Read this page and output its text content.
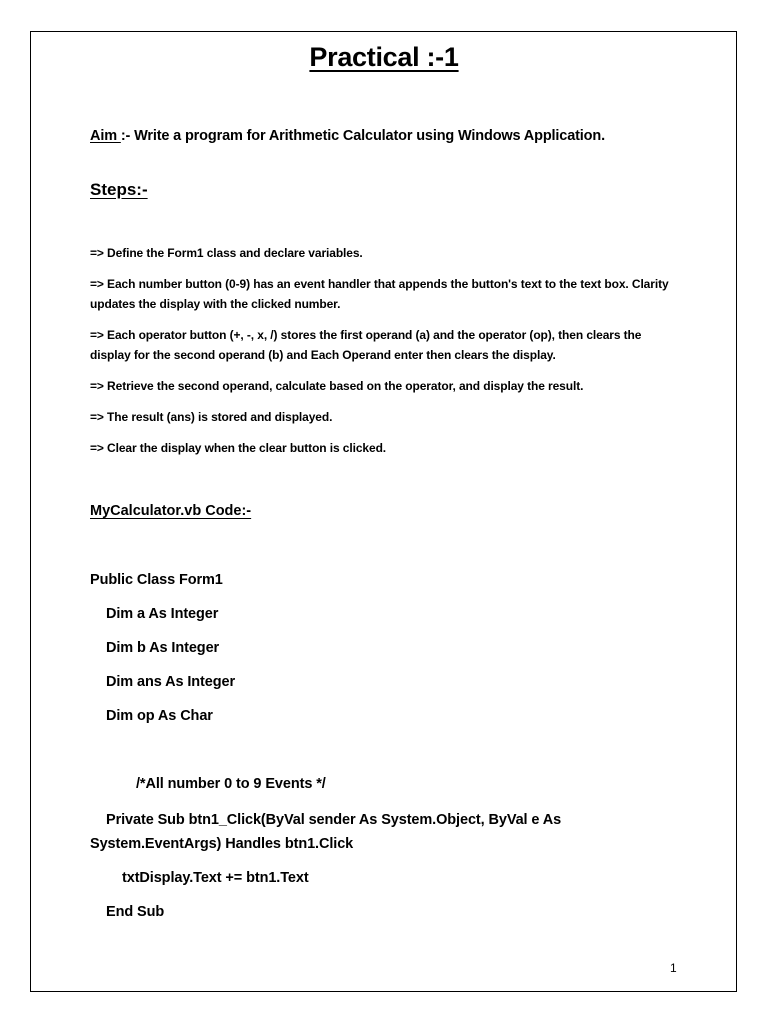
Practical :-1

Aim :- Write a program for Arithmetic Calculator using Windows Application.

Steps:-

=> Define the Form1 class and declare variables.

=> Each number button (0-9) has an event handler that appends the button's text to the text box. Clarity updates the display with the clicked number.

=> Each operator button (+, -, x, /) stores the first operand (a) and the operator (op), then clears the display for the second operand (b) and Each Operand enter then clears the display.

=> Retrieve the second operand, calculate based on the operator, and display the result.

=> The result (ans) is stored and displayed.

=> Clear the display when the clear button is clicked.

MyCalculator.vb Code:-

Public Class Form1

Dim a As Integer

Dim b As Integer

Dim ans As Integer

Dim op As Char

/*All number 0 to 9 Events */

Private Sub btn1_Click(ByVal sender As System.Object, ByVal e As System.EventArgs) Handles btn1.Click

txtDisplay.Text += btn1.Text

End Sub

1
